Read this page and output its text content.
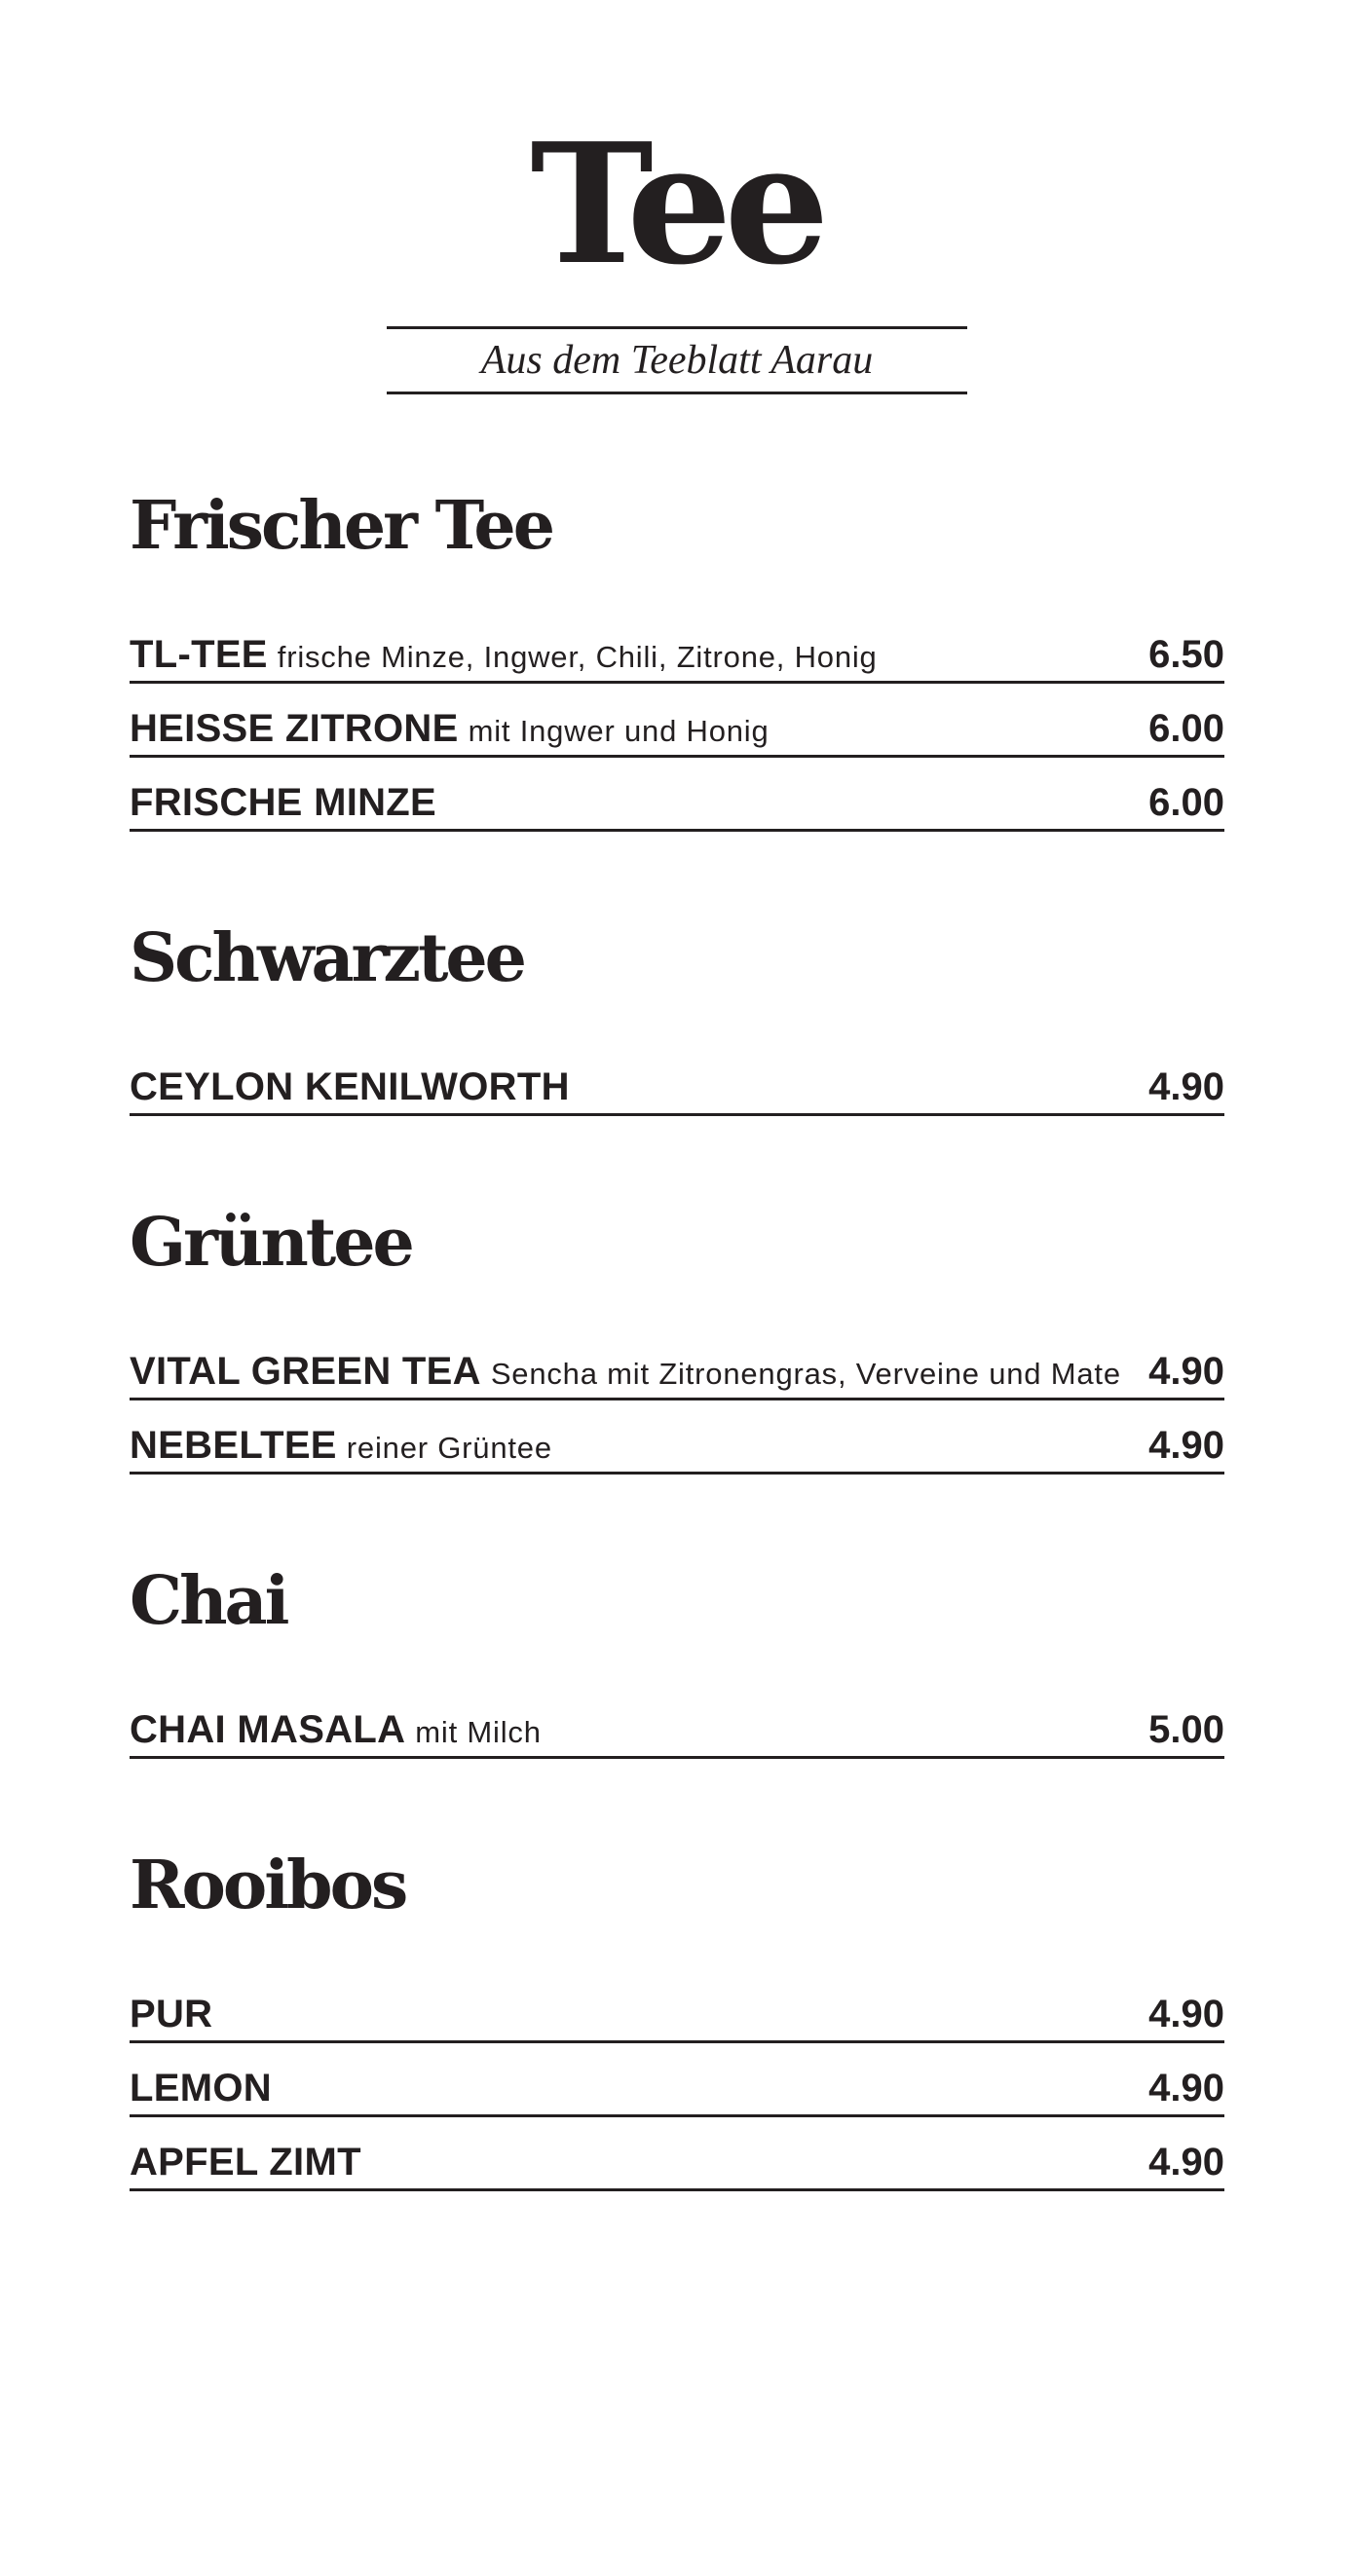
Tee
Aus dem Teeblatt Aarau
Frischer Tee
TL-TEE frische Minze, Ingwer, Chili, Zitrone, Honig	6.50
HEISSE ZITRONE mit Ingwer und Honig	6.00
FRISCHE MINZE	6.00
Schwarztee
CEYLON KENILWORTH	4.90
Grüntee
VITAL GREEN TEA Sencha mit Zitronengras, Verveine und Mate 4.90
NEBELTEE reiner Grüntee	4.90
Chai
CHAI MASALA mit Milch	5.00
Rooibos
PUR	4.90
LEMON	4.90
APFEL ZIMT	4.90
